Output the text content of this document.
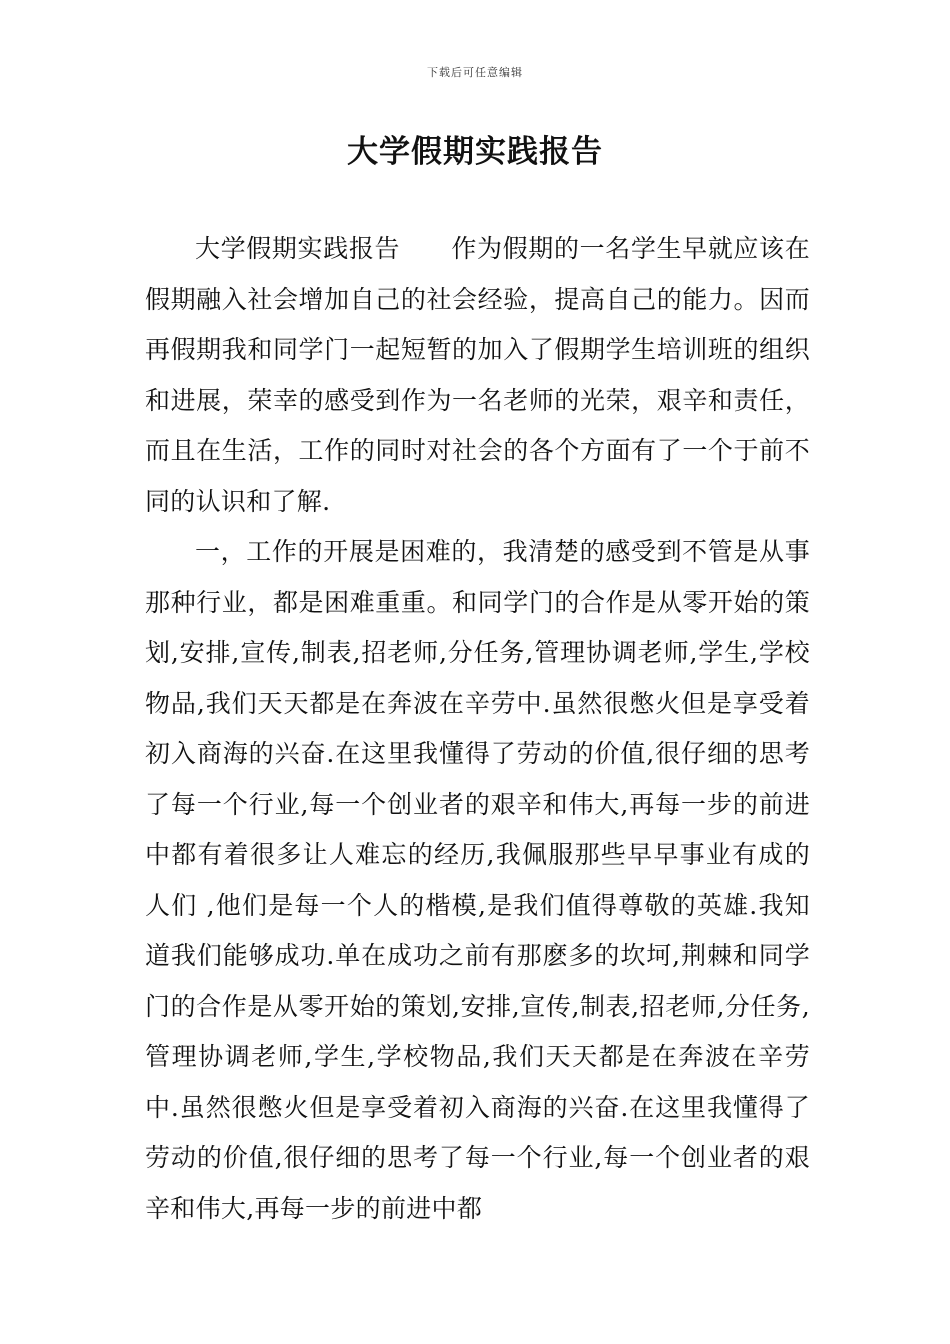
下载后可任意编辑
大学假期实践报告

大学假期实践报告　　作为假期的一名学生早就应该在假期融入社会增加自己的社会经验，提高自己的能力。因而再假期我和同学门一起短暂的加入了假期学生培训班的组织和进展，荣幸的感受到作为一名老师的光荣，艰辛和责任，而且在生活，工作的同时对社会的各个方面有了一个于前不同的认识和了解.

一，工作的开展是困难的，我清楚的感受到不管是从事那种行业，都是困难重重。和同学门的合作是从零开始的策划,安排,宣传,制表,招老师,分任务,管理协调老师,学生,学校物品,我们天天都是在奔波在辛劳中.虽然很憋火但是享受着初入商海的兴奋.在这里我懂得了劳动的价值,很仔细的思考了每一个行业,每一个创业者的艰辛和伟大,再每一步的前进中都有着很多让人难忘的经历,我佩服那些早早事业有成的人们 ,他们是每一个人的楷模,是我们值得尊敬的英雄.我知道我们能够成功.单在成功之前有那麽多的坎坷,荆棘和同学门的合作是从零开始的策划,安排,宣传,制表,招老师,分任务,管理协调老师,学生,学校物品,我们天天都是在奔波在辛劳中.虽然很憋火但是享受着初入商海的兴奋.在这里我懂得了劳动的价值,很仔细的思考了每一个行业,每一个创业者的艰辛和伟大,再每一步的前进中都
